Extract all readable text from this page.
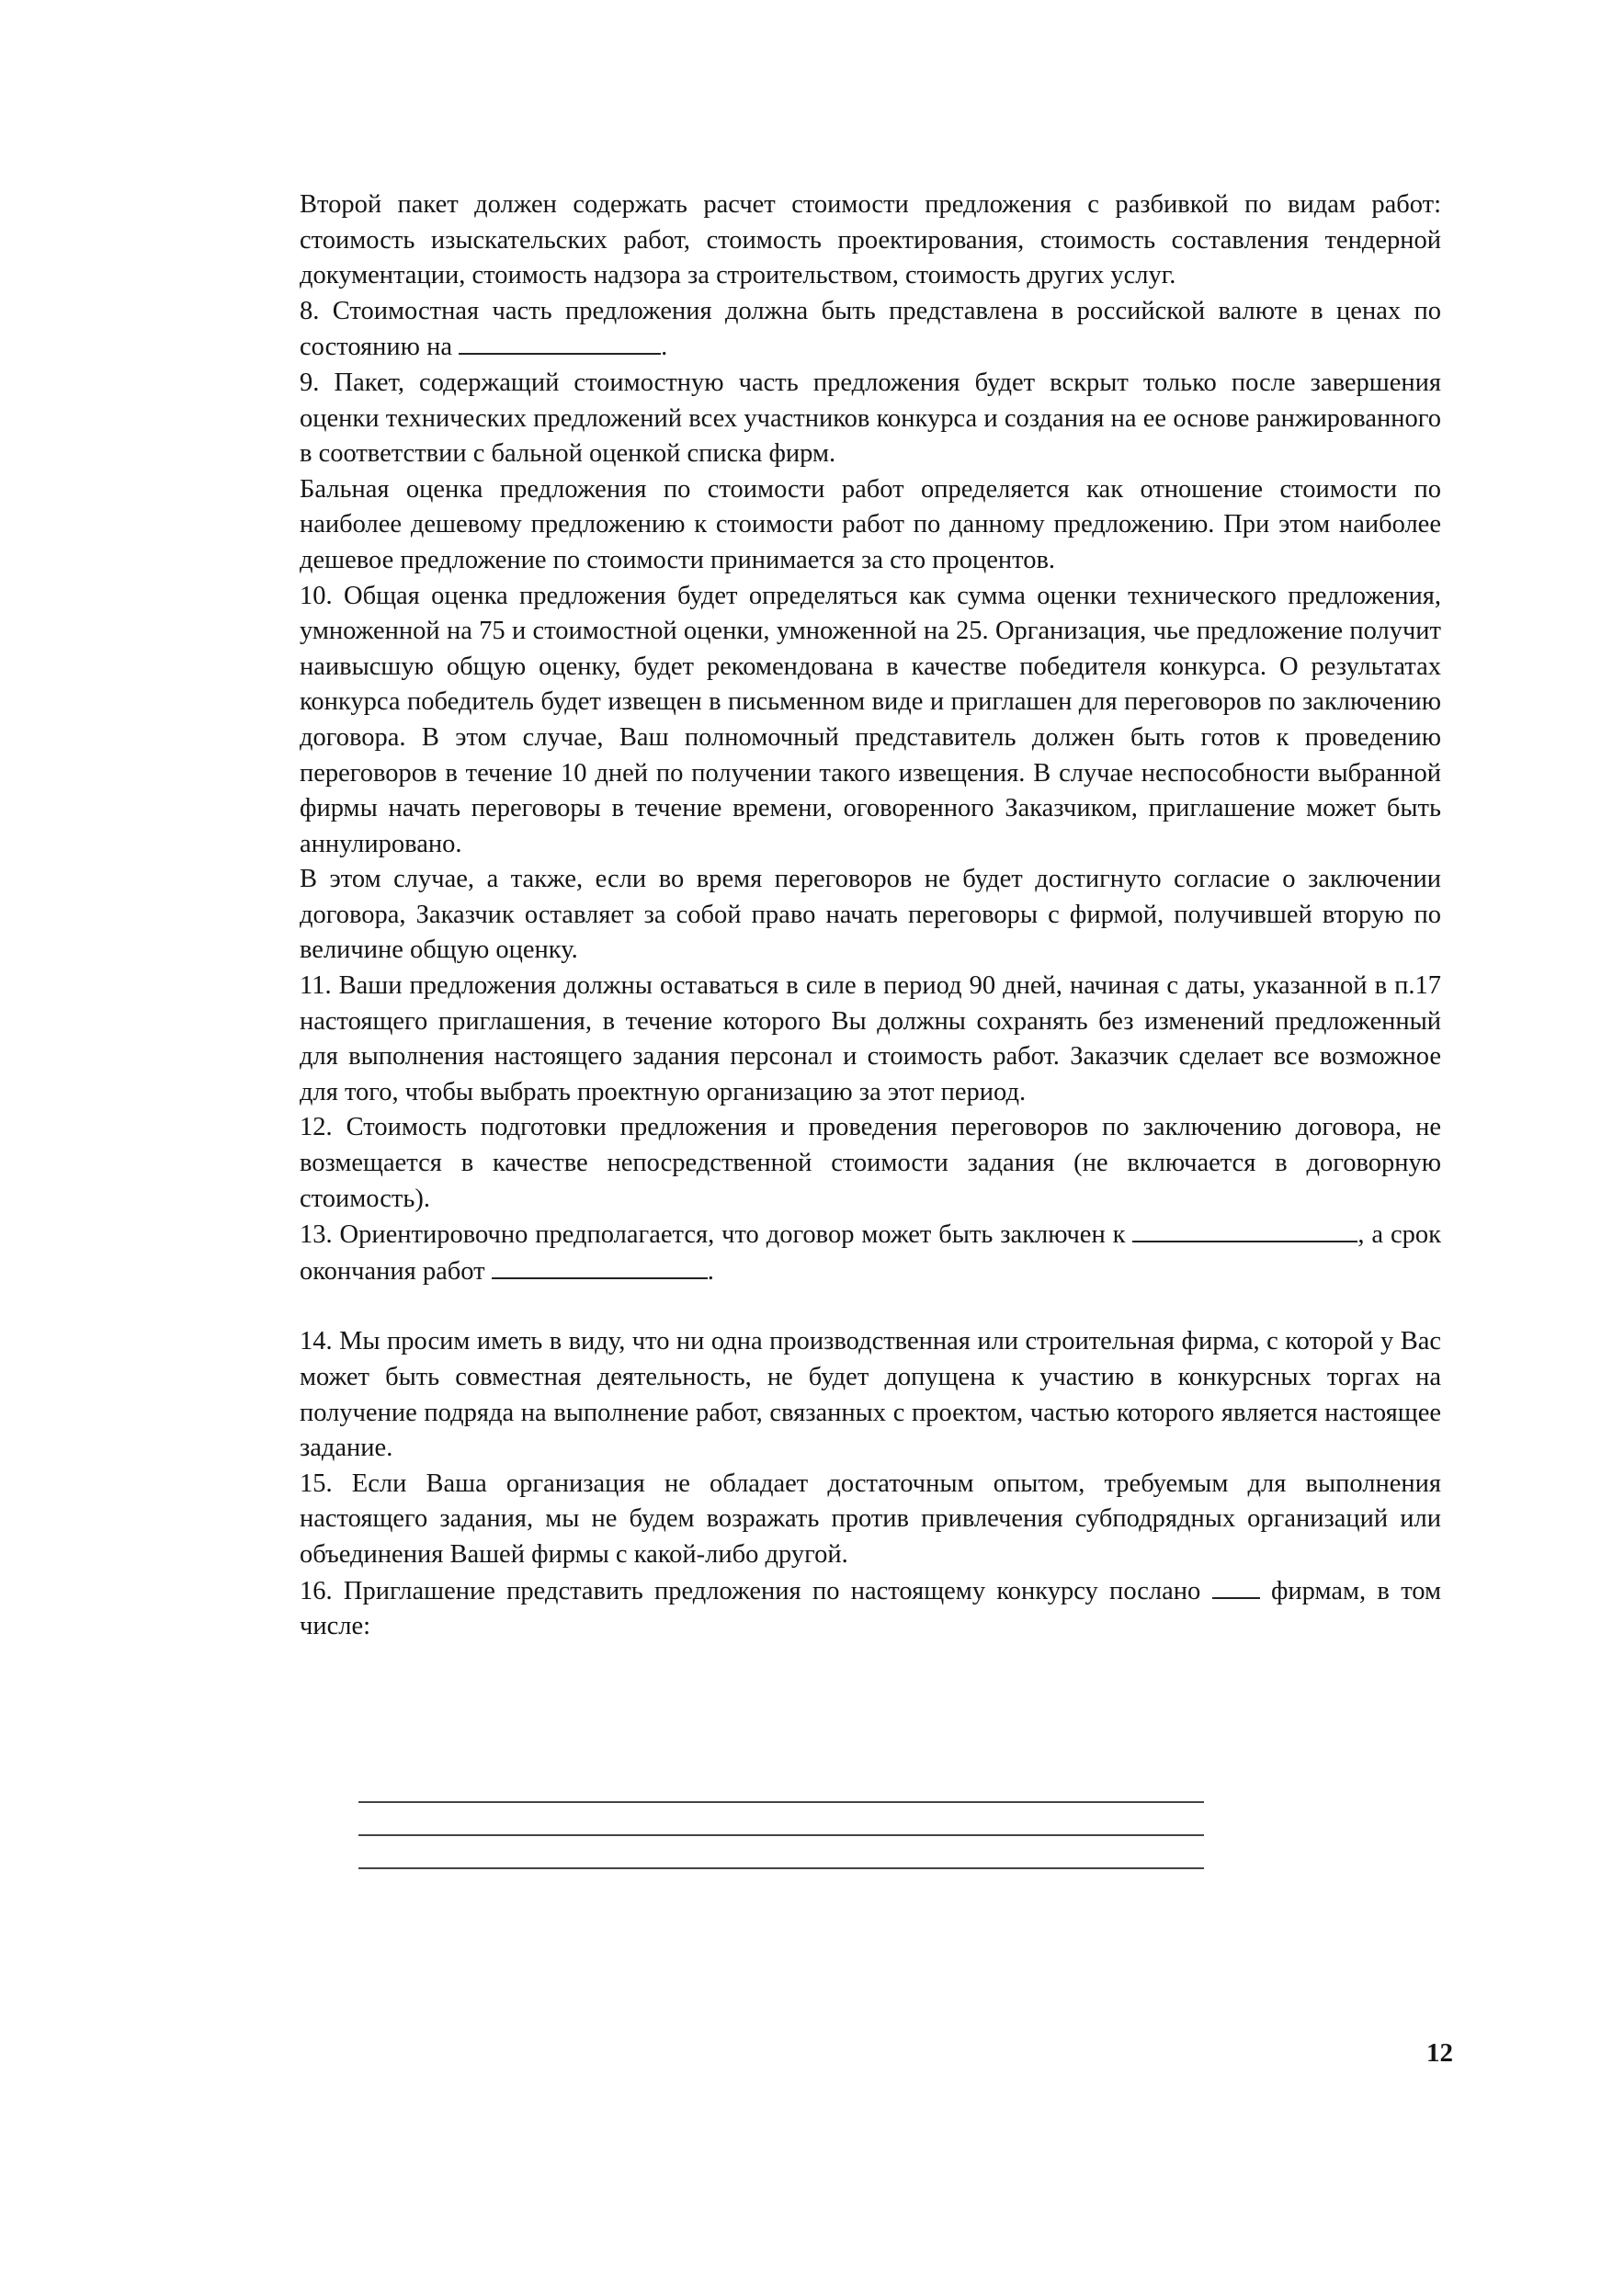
Второй пакет должен содержать расчет стоимости предложения с разбивкой по видам работ: стоимость изыскательских работ, стоимость проектирования, стоимость составления тендерной документации, стоимость надзора за строительством, стоимость других услуг.

8. Стоимостная часть предложения должна быть представлена в российской валюте в ценах по состоянию на	.

9. Пакет, содержащий стоимостную часть предложения будет вскрыт только после завершения оценки технических предложений всех участников конкурса и создания на ее основе ранжированного в соответствии с бальной оценкой списка фирм.

Бальная оценка предложения по стоимости работ определяется как отношение стоимости по наиболее дешевому предложению к стоимости работ по данному предложению. При этом наиболее дешевое предложение по стоимости принимается за сто процентов.

10. Общая оценка предложения будет определяться как сумма оценки технического предложения, умноженной на 75 и стоимостной оценки, умноженной на 25. Организация, чье предложение получит наивысшую общую оценку, будет рекомендована в качестве победителя конкурса. О результатах конкурса победитель будет извещен в письменном виде и приглашен для переговоров по заключению договора. В этом случае, Ваш полномочный представитель должен быть готов к проведению переговоров в течение 10 дней по получении такого извещения. В случае неспособности выбранной фирмы начать переговоры в течение времени, оговоренного Заказчиком, приглашение может быть аннулировано.

В этом случае, а также, если во время переговоров не будет достигнуто согласие о заключении договора, Заказчик оставляет за собой право начать переговоры с фирмой, получившей вторую по величине общую оценку.

11. Ваши предложения должны оставаться в силе в период 90 дней, начиная с даты, указанной в п.17 настоящего приглашения, в течение которого Вы должны сохранять без изменений предложенный для выполнения настоящего задания персонал и стоимость работ. Заказчик сделает все возможное для того, чтобы выбрать проектную организацию за этот период.

12. Стоимость подготовки предложения и проведения переговоров по заключению договора, не возмещается в качестве непосредственной стоимости задания (не включается в договорную стоимость).

13. Ориентировочно предполагается, что договор может быть заключен к	, а срок окончания работ	.

14. Мы просим иметь в виду, что ни одна производственная или строительная фирма, с которой у Вас может быть совместная деятельность, не будет допущена к участию в конкурсных торгах на получение подряда на выполнение работ, связанных с проектом, частью которого является настоящее задание.

15. Если Ваша организация не обладает достаточным опытом, требуемым для выполнения настоящего задания, мы не будем возражать против привлечения субподрядных организаций или объединения Вашей фирмы с какой-либо другой.

16. Приглашение представить предложения по настоящему конкурсу послано	фирмам, в том числе:

12
